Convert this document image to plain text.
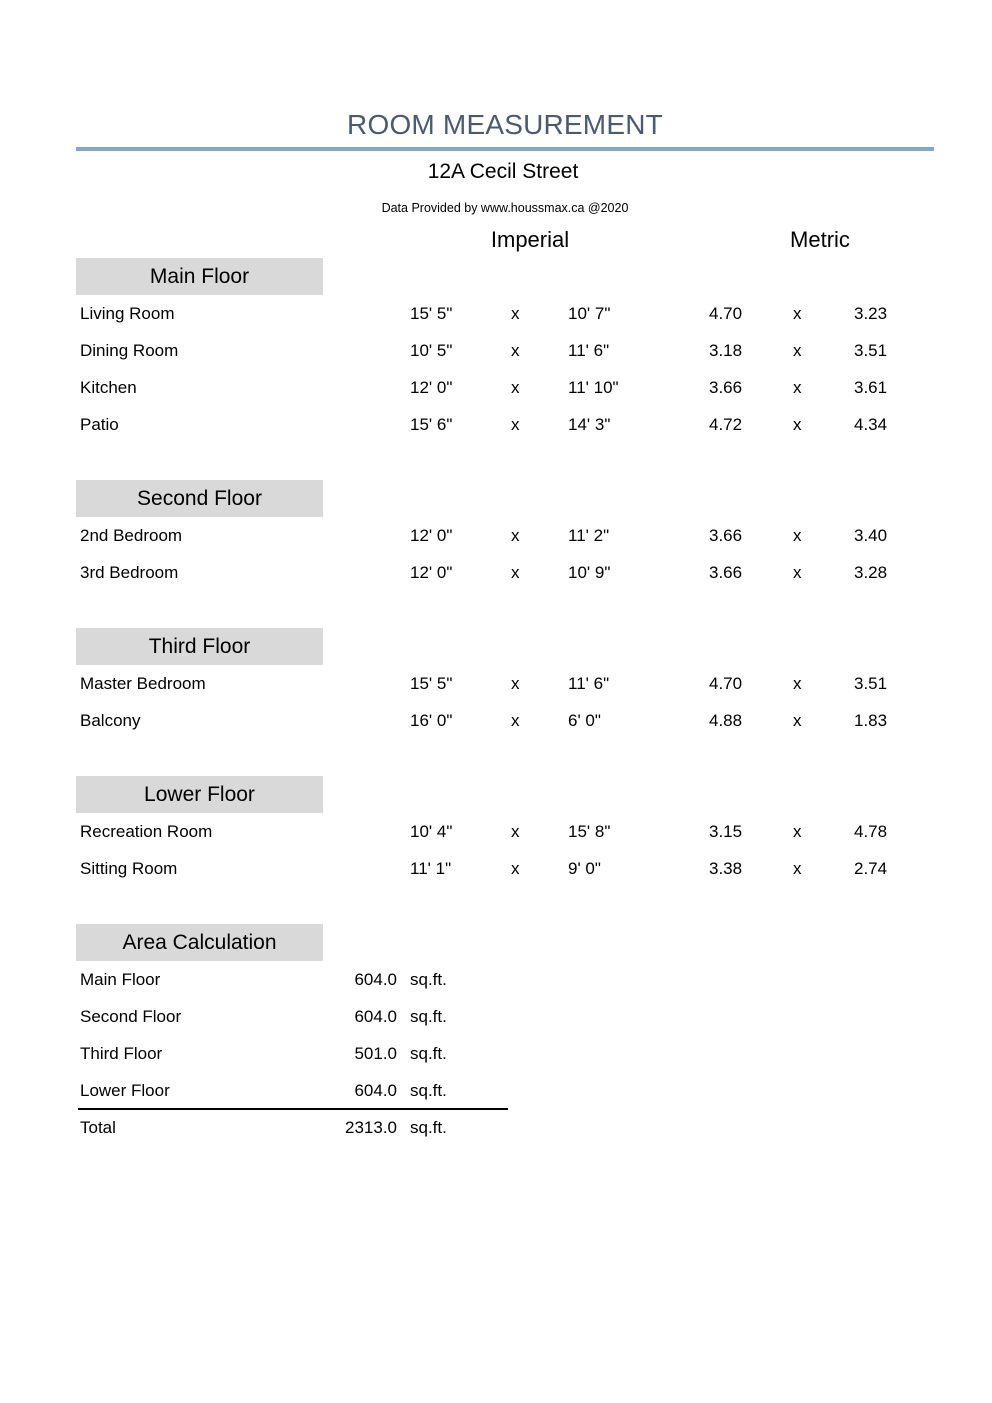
ROOM MEASUREMENT
12A Cecil Street
Data Provided by www.houssmax.ca @2020
Imperial	Metric
Main Floor
Living Room	15' 5"	x	10' 7"	4.70	x	3.23
Dining Room	10' 5"	x	11' 6"	3.18	x	3.51
Kitchen	12' 0"	x	11' 10"	3.66	x	3.61
Patio	15' 6"	x	14' 3"	4.72	x	4.34
Second Floor
2nd Bedroom	12' 0"	x	11' 2"	3.66	x	3.40
3rd Bedroom	12' 0"	x	10' 9"	3.66	x	3.28
Third Floor
Master Bedroom	15' 5"	x	11' 6"	4.70	x	3.51
Balcony	16' 0"	x	6' 0"	4.88	x	1.83
Lower Floor
Recreation Room	10' 4"	x	15' 8"	3.15	x	4.78
Sitting Room	11' 1"	x	9' 0"	3.38	x	2.74
Area Calculation
Main Floor	604.0 sq.ft.
Second Floor	604.0 sq.ft.
Third Floor	501.0 sq.ft.
Lower Floor	604.0 sq.ft.
Total	2313.0 sq.ft.
